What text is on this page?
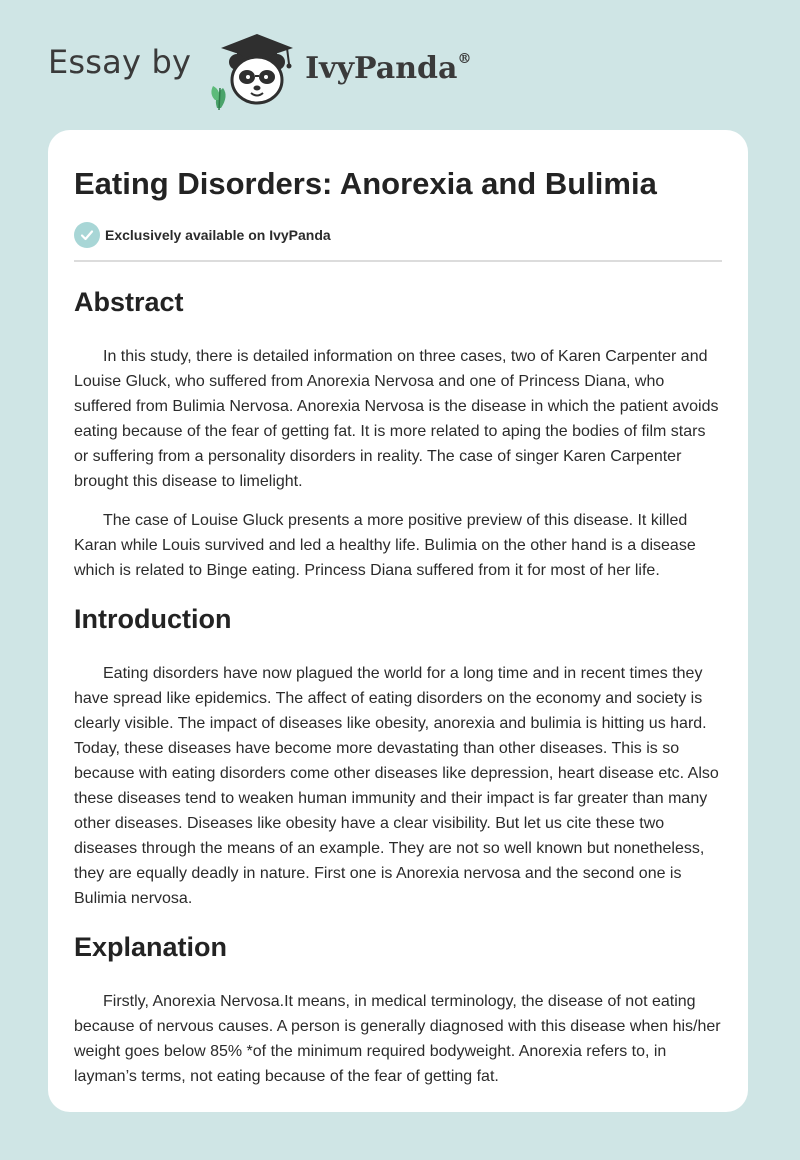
Essay by	IvyPanda®
Eating Disorders: Anorexia and Bulimia
Exclusively available on IvyPanda
Abstract

In this study, there is detailed information on three cases, two of Karen Carpenter and Louise Gluck, who suffered from Anorexia Nervosa and one of Princess Diana, who suffered from Bulimia Nervosa. Anorexia Nervosa is the disease in which the patient avoids eating because of the fear of getting fat. It is more related to aping the bodies of film stars or suffering from a personality disorders in reality. The case of singer Karen Carpenter brought this disease to limelight.

The case of Louise Gluck presents a more positive preview of this disease. It killed Karan while Louis survived and led a healthy life. Bulimia on the other hand is a disease which is related to Binge eating. Princess Diana suffered from it for most of her life.

Introduction

Eating disorders have now plagued the world for a long time and in recent times they have spread like epidemics. The affect of eating disorders on the economy and society is clearly visible. The impact of diseases like obesity, anorexia and bulimia is hitting us hard. Today, these diseases have become more devastating than other diseases. This is so because with eating disorders come other diseases like depression, heart disease etc. Also these diseases tend to weaken human immunity and their impact is far greater than many other diseases. Diseases like obesity have a clear visibility. But let us cite these two diseases through the means of an example. They are not so well known but nonetheless, they are equally deadly in nature. First one is Anorexia nervosa and the second one is Bulimia nervosa.

Explanation

Firstly, Anorexia Nervosa.It means, in medical terminology, the disease of not eating because of nervous causes. A person is generally diagnosed with this disease when his/her weight goes below 85% *of the minimum required bodyweight. Anorexia refers to, in layman’s terms, not eating because of the fear of getting fat.
